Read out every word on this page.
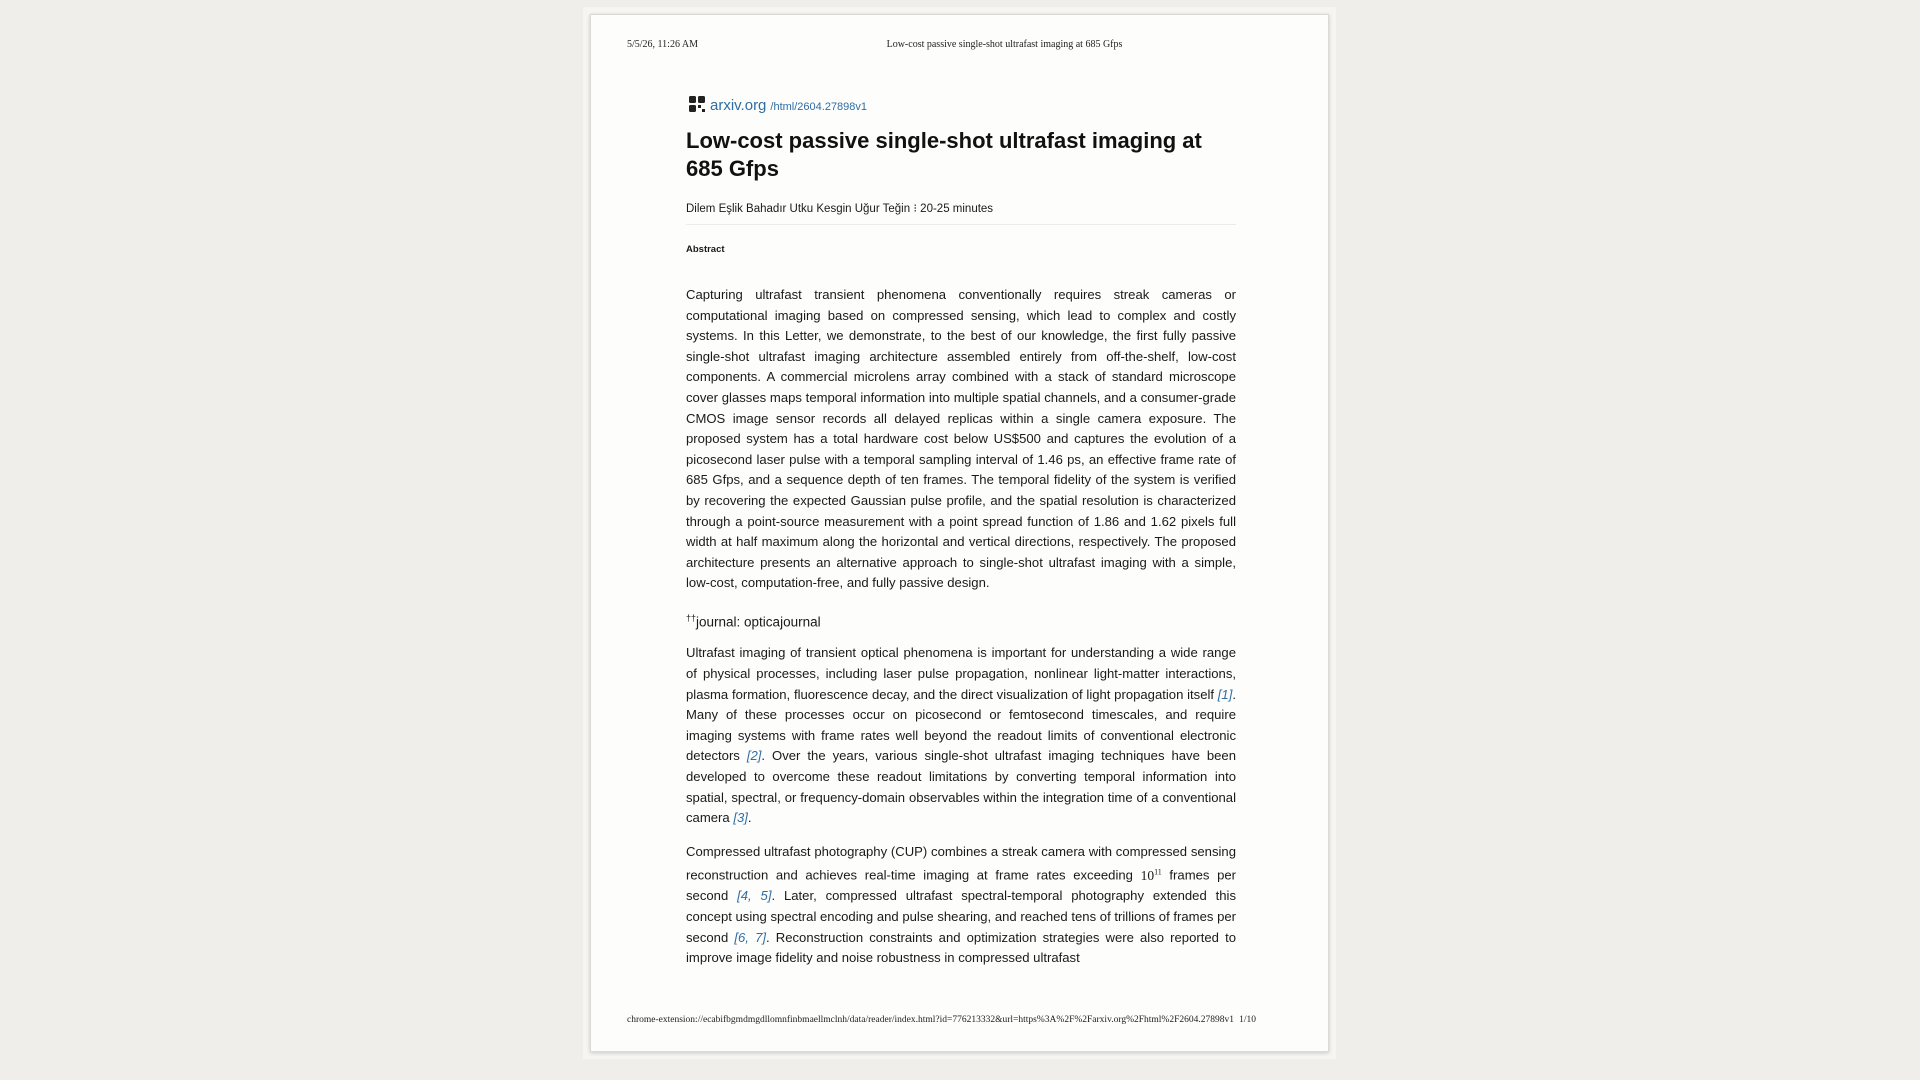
5/5/26, 11:26 AM	Low-cost passive single-shot ultrafast imaging at 685 Gfps
arxiv.org /html/2604.27898v1
Low-cost passive single-shot ultrafast imaging at 685 Gfps
Dilem Eşlik Bahadır Utku Kesgin Uğur Teğin ⁝ 20-25 minutes
Abstract

Capturing ultrafast transient phenomena conventionally requires streak cameras or computational imaging based on compressed sensing, which lead to complex and costly systems. In this Letter, we demonstrate, to the best of our knowledge, the first fully passive single-shot ultrafast imaging architecture assembled entirely from off-the-shelf, low-cost components. A commercial microlens array combined with a stack of standard microscope cover glasses maps temporal information into multiple spatial channels, and a consumer-grade CMOS image sensor records all delayed replicas within a single camera exposure. The proposed system has a total hardware cost below US$500 and captures the evolution of a picosecond laser pulse with a temporal sampling interval of 1.46 ps, an effective frame rate of 685 Gfps, and a sequence depth of ten frames. The temporal fidelity of the system is verified by recovering the expected Gaussian pulse profile, and the spatial resolution is characterized through a point-source measurement with a point spread function of 1.86 and 1.62 pixels full width at half maximum along the horizontal and vertical directions, respectively. The proposed architecture presents an alternative approach to single-shot ultrafast imaging with a simple, low-cost, computation-free, and fully passive design.

††journal: opticajournal

Ultrafast imaging of transient optical phenomena is important for understanding a wide range of physical processes, including laser pulse propagation, nonlinear light-matter interactions, plasma formation, fluorescence decay, and the direct visualization of light propagation itself [1]. Many of these processes occur on picosecond or femtosecond timescales, and require imaging systems with frame rates well beyond the readout limits of conventional electronic detectors [2]. Over the years, various single-shot ultrafast imaging techniques have been developed to overcome these readout limitations by converting temporal information into spatial, spectral, or frequency-domain observables within the integration time of a conventional camera [3].

Compressed ultrafast photography (CUP) combines a streak camera with compressed sensing reconstruction and achieves real-time imaging at frame rates exceeding $10^{11}$ frames per second [4, 5]. Later, compressed ultrafast spectral-temporal photography extended this concept using spectral encoding and pulse shearing, and reached tens of trillions of frames per second [6, 7]. Reconstruction constraints and optimization strategies were also reported to improve image fidelity and noise robustness in compressed ultrafast

chrome-extension://ecabifbgmdmgdllomnfinbmaellmclnh/data/reader/index.html?id=776213332&url=https%3A%2F%2Farxiv.org%2Fhtml%2F2604.27898v1 1/10
